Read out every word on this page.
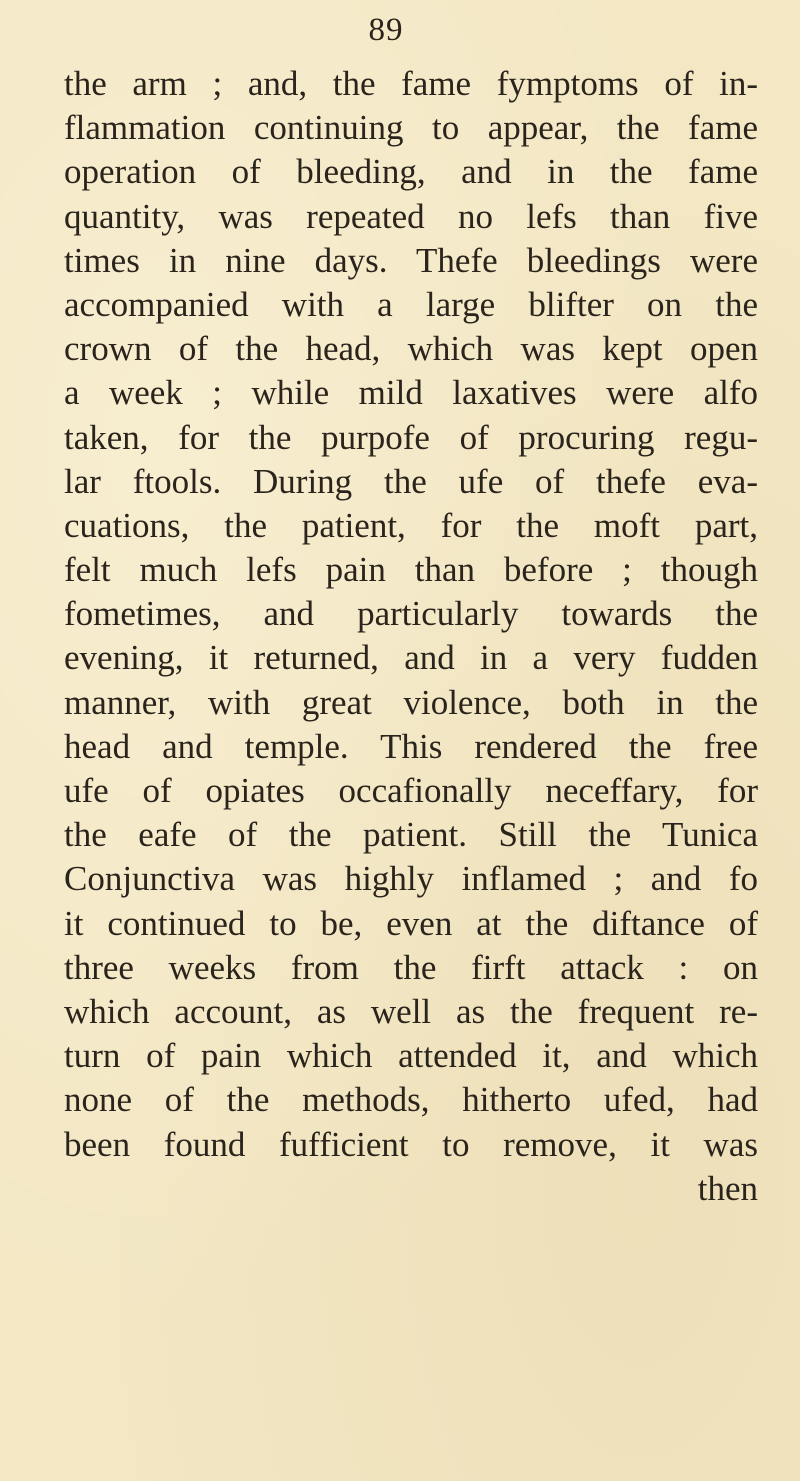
89
the arm ; and, the fame fymptoms of in-
flammation continuing to appear, the fame
operation of bleeding, and in the fame
quantity, was repeated no lefs than five
times in nine days. Thefe bleedings were
accompanied with a large blifter on the
crown of the head, which was kept open
a week ; while mild laxatives were alfo
taken, for the purpofe of procuring regu-
lar ftools. During the ufe of thefe eva-
cuations, the patient, for the moft part,
felt much lefs pain than before ; though
fometimes, and particularly towards the
evening, it returned, and in a very fudden
manner, with great violence, both in the
head and temple. This rendered the free
ufe of opiates occafionally neceffary, for
the eafe of the patient. Still the Tunica
Conjunctiva was highly inflamed ; and fo
it continued to be, even at the diftance of
three weeks from the firft attack : on
which account, as well as the frequent re-
turn of pain which attended it, and which
none of the methods, hitherto ufed, had
been found fufficient to remove, it was
then
